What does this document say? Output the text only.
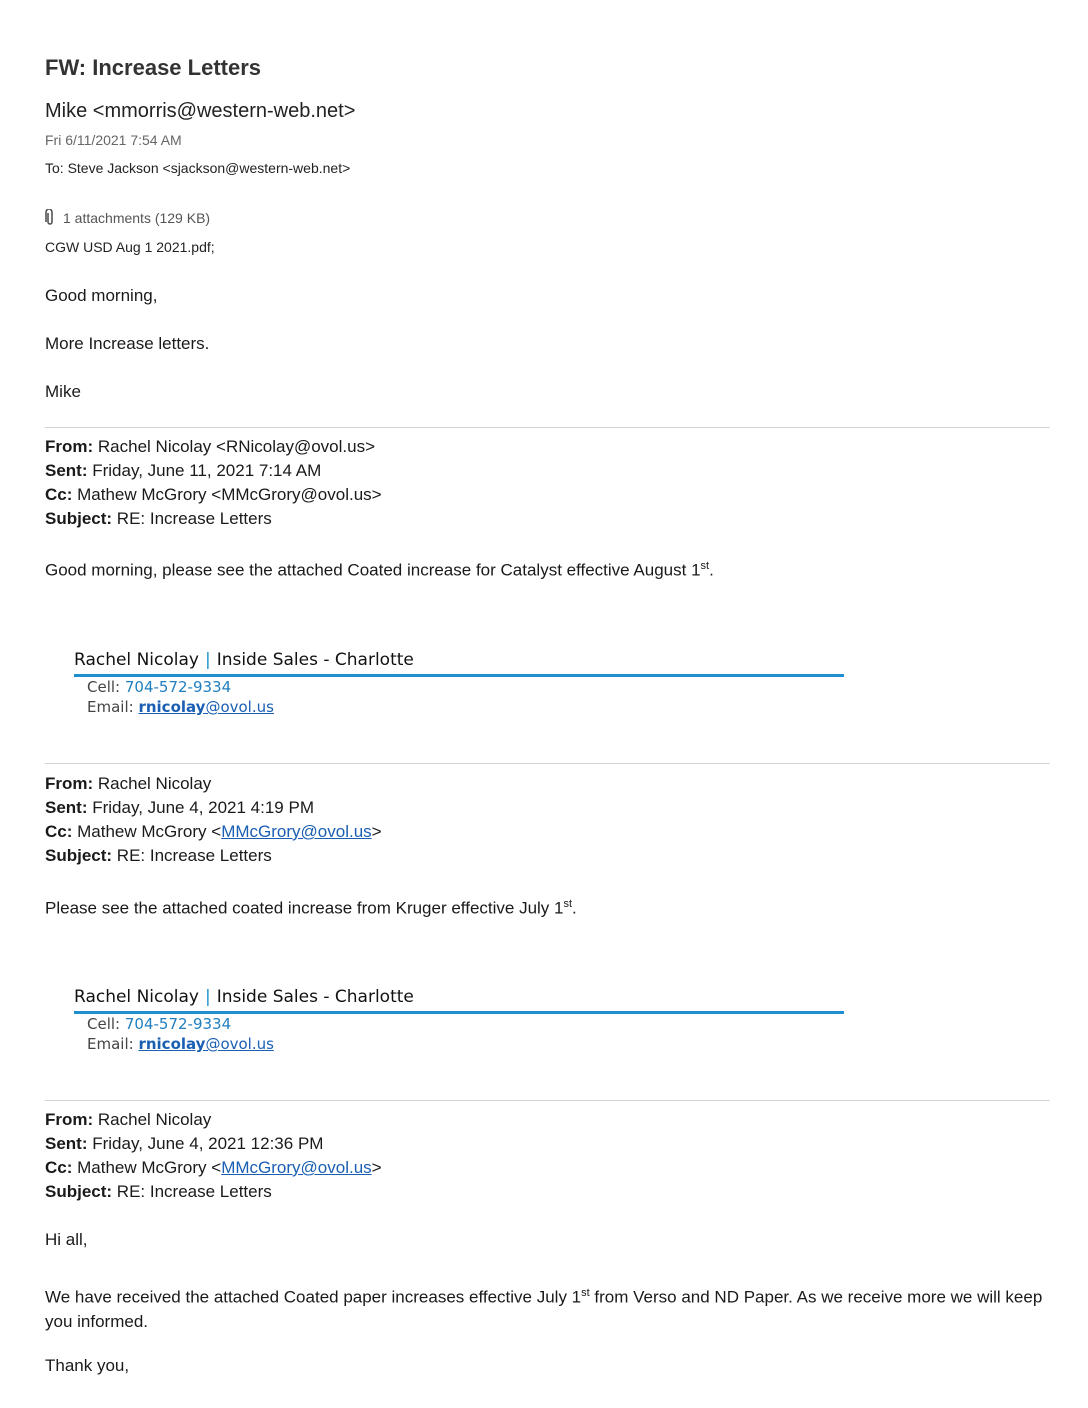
FW: Increase Letters
Mike <mmorris@western-web.net>
Fri 6/11/2021 7:54 AM
To: Steve Jackson <sjackson@western-web.net>
1 attachments (129 KB)
CGW USD Aug 1 2021.pdf;
Good morning,
More Increase letters.
Mike
From: Rachel Nicolay <RNicolay@ovol.us>
Sent: Friday, June 11, 2021 7:14 AM
Cc: Mathew McGrory <MMcGrory@ovol.us>
Subject: RE: Increase Letters
Good morning, please see the attached Coated increase for Catalyst effective August 1st.
Rachel Nicolay | Inside Sales - Charlotte
Cell: 704-572-9334
Email: rnicolay@ovol.us
From: Rachel Nicolay
Sent: Friday, June 4, 2021 4:19 PM
Cc: Mathew McGrory <MMcGrory@ovol.us>
Subject: RE: Increase Letters
Please see the attached coated increase from Kruger effective July 1st.
Rachel Nicolay | Inside Sales - Charlotte
Cell: 704-572-9334
Email: rnicolay@ovol.us
From: Rachel Nicolay
Sent: Friday, June 4, 2021 12:36 PM
Cc: Mathew McGrory <MMcGrory@ovol.us>
Subject: RE: Increase Letters
Hi all,
We have received the attached Coated paper increases effective July 1st from Verso and ND Paper. As we receive more we will keep you informed.
Thank you,
